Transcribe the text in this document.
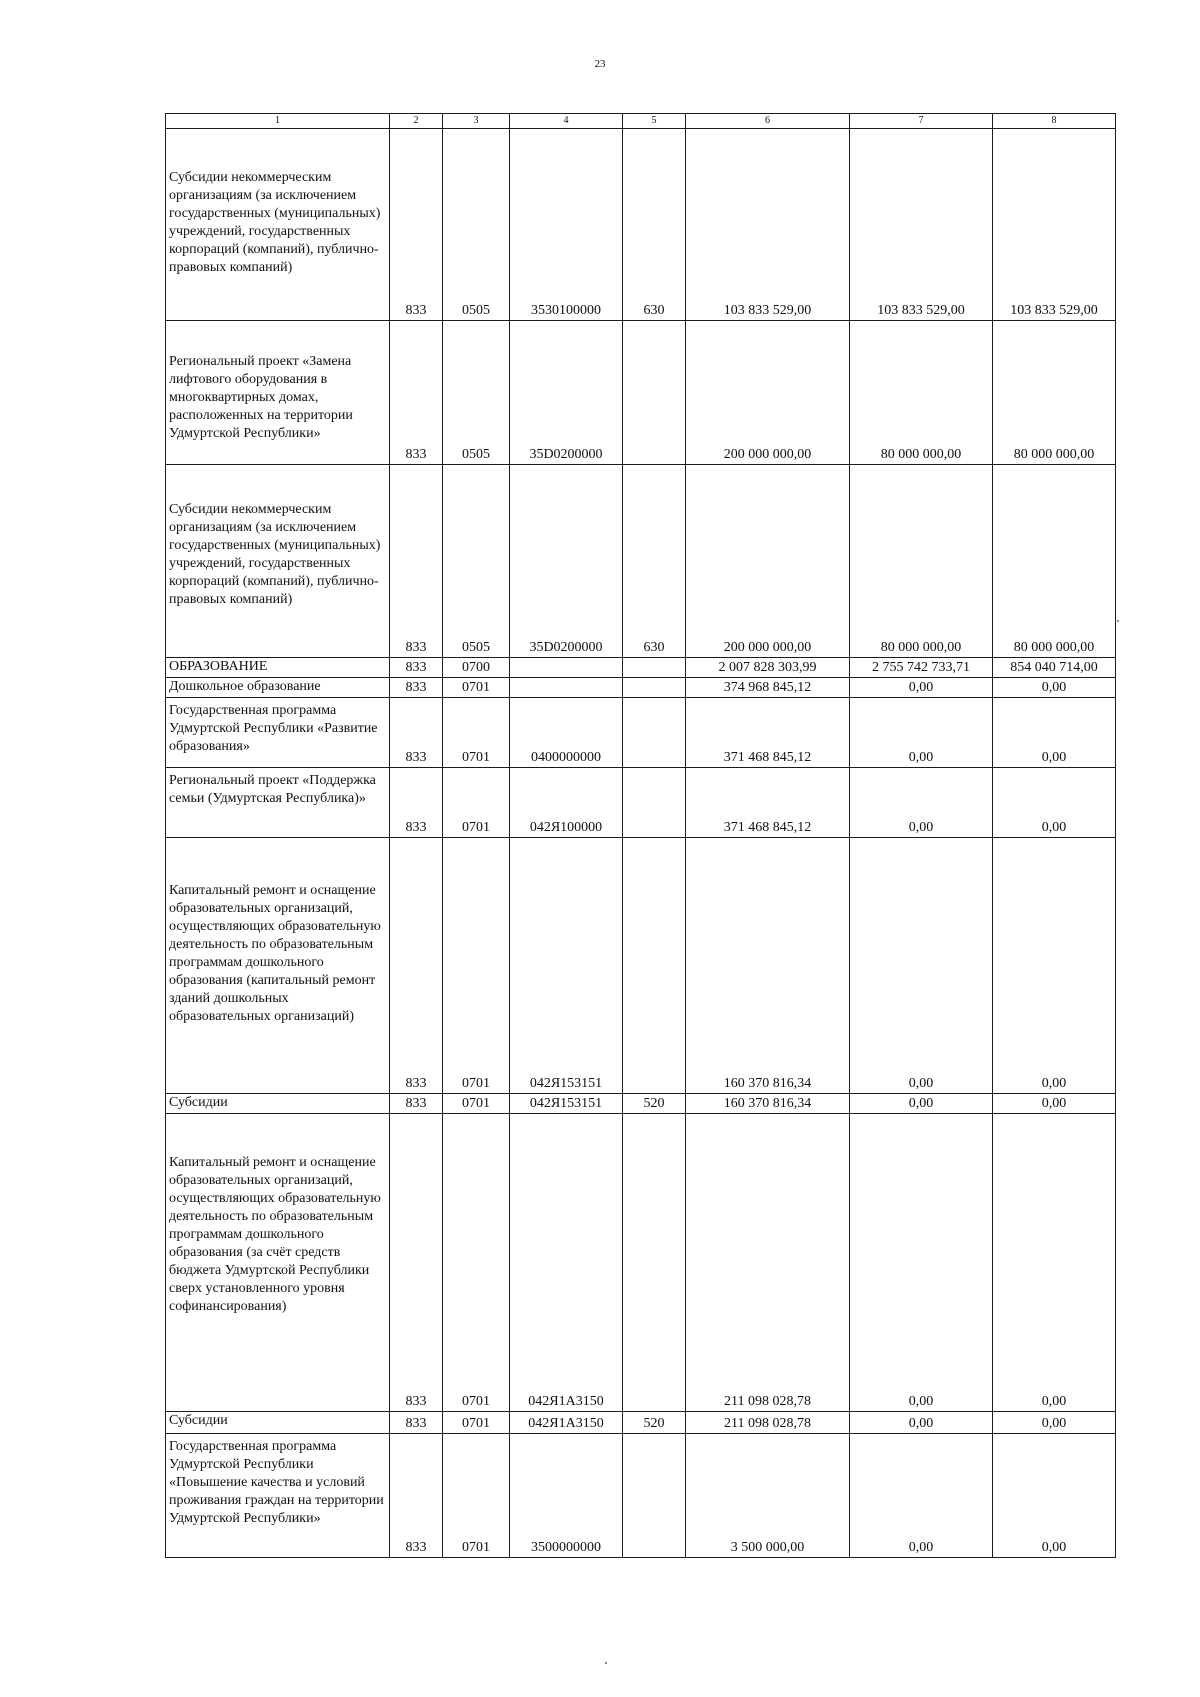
23
1	2	3	4	5	6	7	8

Субсидии некоммерческим организациям (за исключением государственных (муниципальных) учреждений, государственных корпораций (компаний), публично-правовых компаний)	833	0505	3530100000	630	103 833 529,00	103 833 529,00	103 833 529,00

Региональный проект «Замена лифтового оборудования в многоквартирных домах, расположенных на территории Удмуртской Республики»	833	0505	35D0200000		200 000 000,00	80 000 000,00	80 000 000,00

Субсидии некоммерческим организациям (за исключением государственных (муниципальных) учреждений, государственных корпораций (компаний), публично-правовых компаний)	833	0505	35D0200000	630	200 000 000,00	80 000 000,00	80 000 000,00

ОБРАЗОВАНИЕ	833	0700			2 007 828 303,99	2 755 742 733,71	854 040 714,00

Дошкольное образование	833	0701			374 968 845,12	0,00	0,00

Государственная программа Удмуртской Республики «Развитие образования»	833	0701	0400000000		371 468 845,12	0,00	0,00

Региональный проект «Поддержка семьи (Удмуртская Республика)»	833	0701	042Я100000		371 468 845,12	0,00	0,00

Капитальный ремонт и оснащение образовательных организаций, осуществляющих образовательную деятельность по образовательным программам дошкольного образования (капитальный ремонт зданий дошкольных образовательных организаций)	833	0701	042Я153151		160 370 816,34	0,00	0,00

Субсидии	833	0701	042Я153151	520	160 370 816,34	0,00	0,00

Капитальный ремонт и оснащение образовательных организаций, осуществляющих образовательную деятельность по образовательным программам дошкольного образования (за счёт средств бюджета Удмуртской Республики сверх установленного уровня софинансирования)	833	0701	042Я1А3150		211 098 028,78	0,00	0,00

Субсидии	833	0701	042Я1А3150	520	211 098 028,78	0,00	0,00

Государственная программа Удмуртской Республики «Повышение качества и условий проживания граждан на территории Удмуртской Республики»	833	0701	3500000000		3 500 000,00	0,00	0,00
